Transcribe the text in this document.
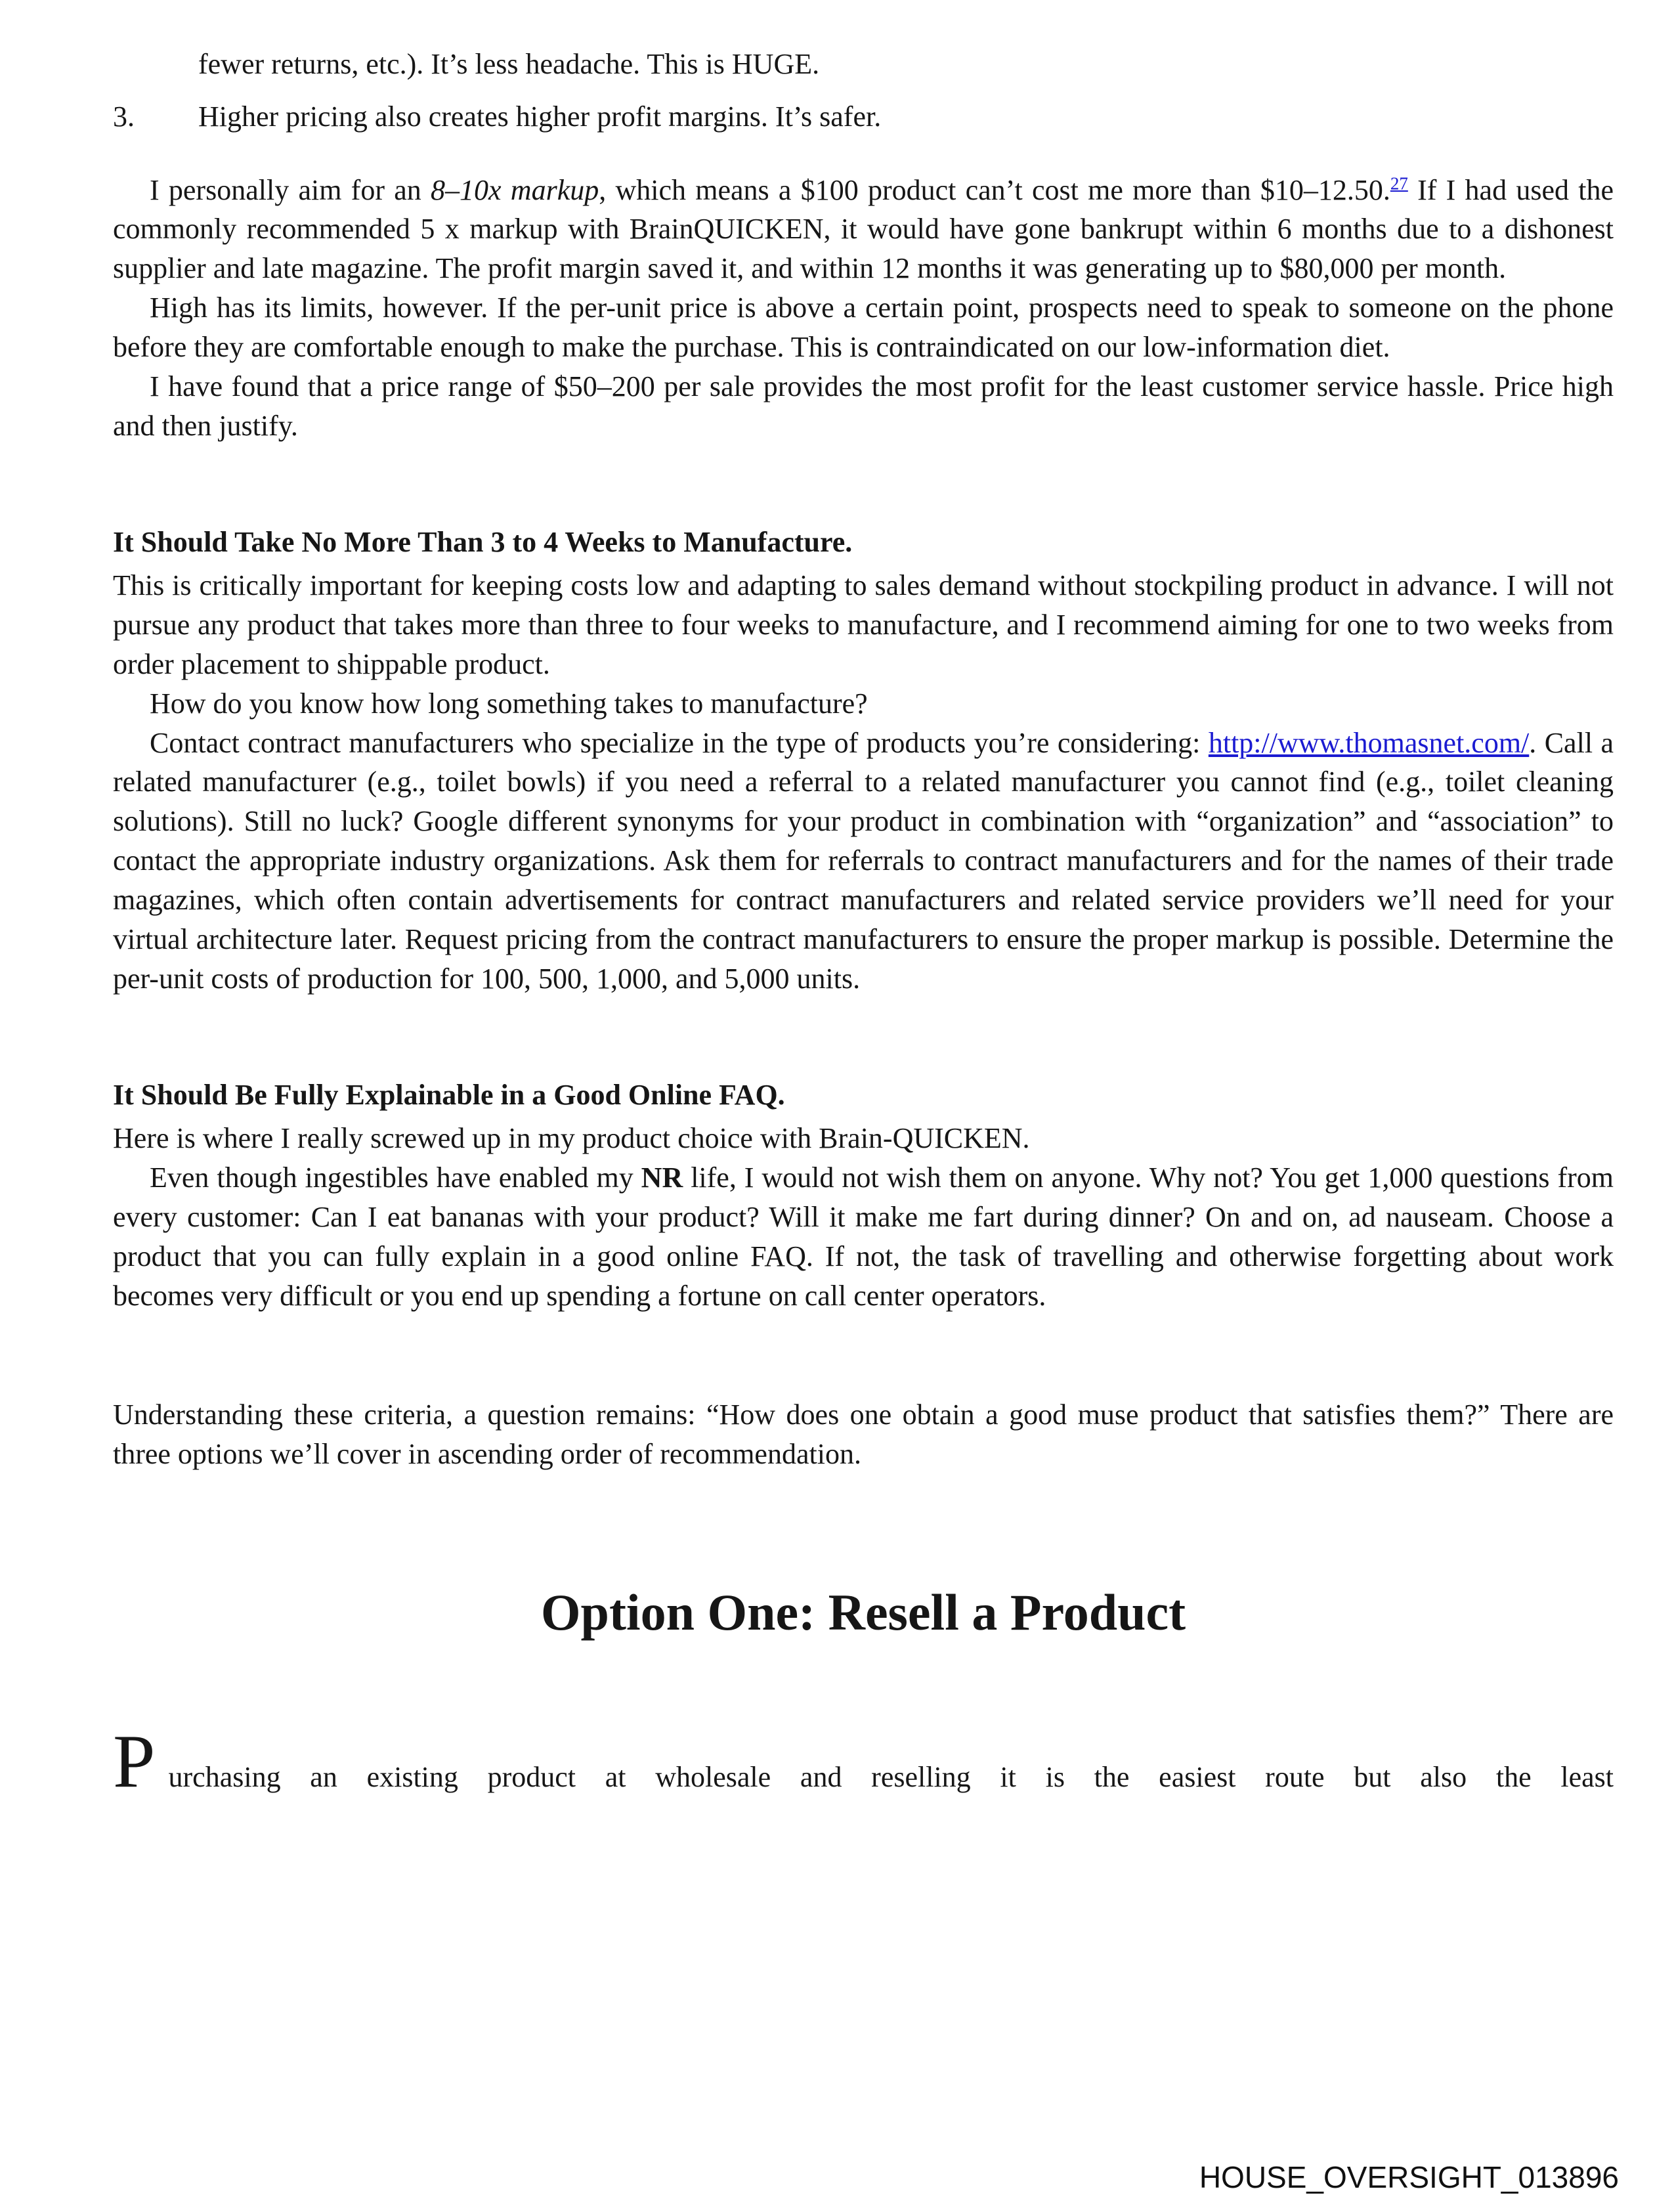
fewer returns, etc.). It’s less headache. This is HUGE.
3.	Higher pricing also creates higher profit margins. It’s safer.

I personally aim for an 8–10x markup, which means a $100 product can’t cost me more than $10–12.50.27 If I had used the commonly recommended 5 x markup with BrainQUICKEN, it would have gone bankrupt within 6 months due to a dishonest supplier and late magazine. The profit margin saved it, and within 12 months it was generating up to $80,000 per month.

High has its limits, however. If the per-unit price is above a certain point, prospects need to speak to someone on the phone before they are comfortable enough to make the purchase. This is contraindicated on our low-information diet.

I have found that a price range of $50–200 per sale provides the most profit for the least customer service hassle. Price high and then justify.

It Should Take No More Than 3 to 4 Weeks to Manufacture.

This is critically important for keeping costs low and adapting to sales demand without stockpiling product in advance. I will not pursue any product that takes more than three to four weeks to manufacture, and I recommend aiming for one to two weeks from order placement to shippable product.

How do you know how long something takes to manufacture?

Contact contract manufacturers who specialize in the type of products you’re considering: http://www.thomasnet.com/. Call a related manufacturer (e.g., toilet bowls) if you need a referral to a related manufacturer you cannot find (e.g., toilet cleaning solutions). Still no luck? Google different synonyms for your product in combination with “organization” and “association” to contact the appropriate industry organizations. Ask them for referrals to contract manufacturers and for the names of their trade magazines, which often contain advertisements for contract manufacturers and related service providers we’ll need for your virtual architecture later. Request pricing from the contract manufacturers to ensure the proper markup is possible. Determine the per-unit costs of production for 100, 500, 1,000, and 5,000 units.

It Should Be Fully Explainable in a Good Online FAQ.

Here is where I really screwed up in my product choice with Brain-QUICKEN.

Even though ingestibles have enabled my NR life, I would not wish them on anyone. Why not? You get 1,000 questions from every customer: Can I eat bananas with your product? Will it make me fart during dinner? On and on, ad nauseam. Choose a product that you can fully explain in a good online FAQ. If not, the task of travelling and otherwise forgetting about work becomes very difficult or you end up spending a fortune on call center operators.

Understanding these criteria, a question remains: “How does one obtain a good muse product that satisfies them?” There are three options we’ll cover in ascending order of recommendation.

Option One: Resell a Product

Purchasing an existing product at wholesale and reselling it is the easiest route but also the least

HOUSE_OVERSIGHT_013896
